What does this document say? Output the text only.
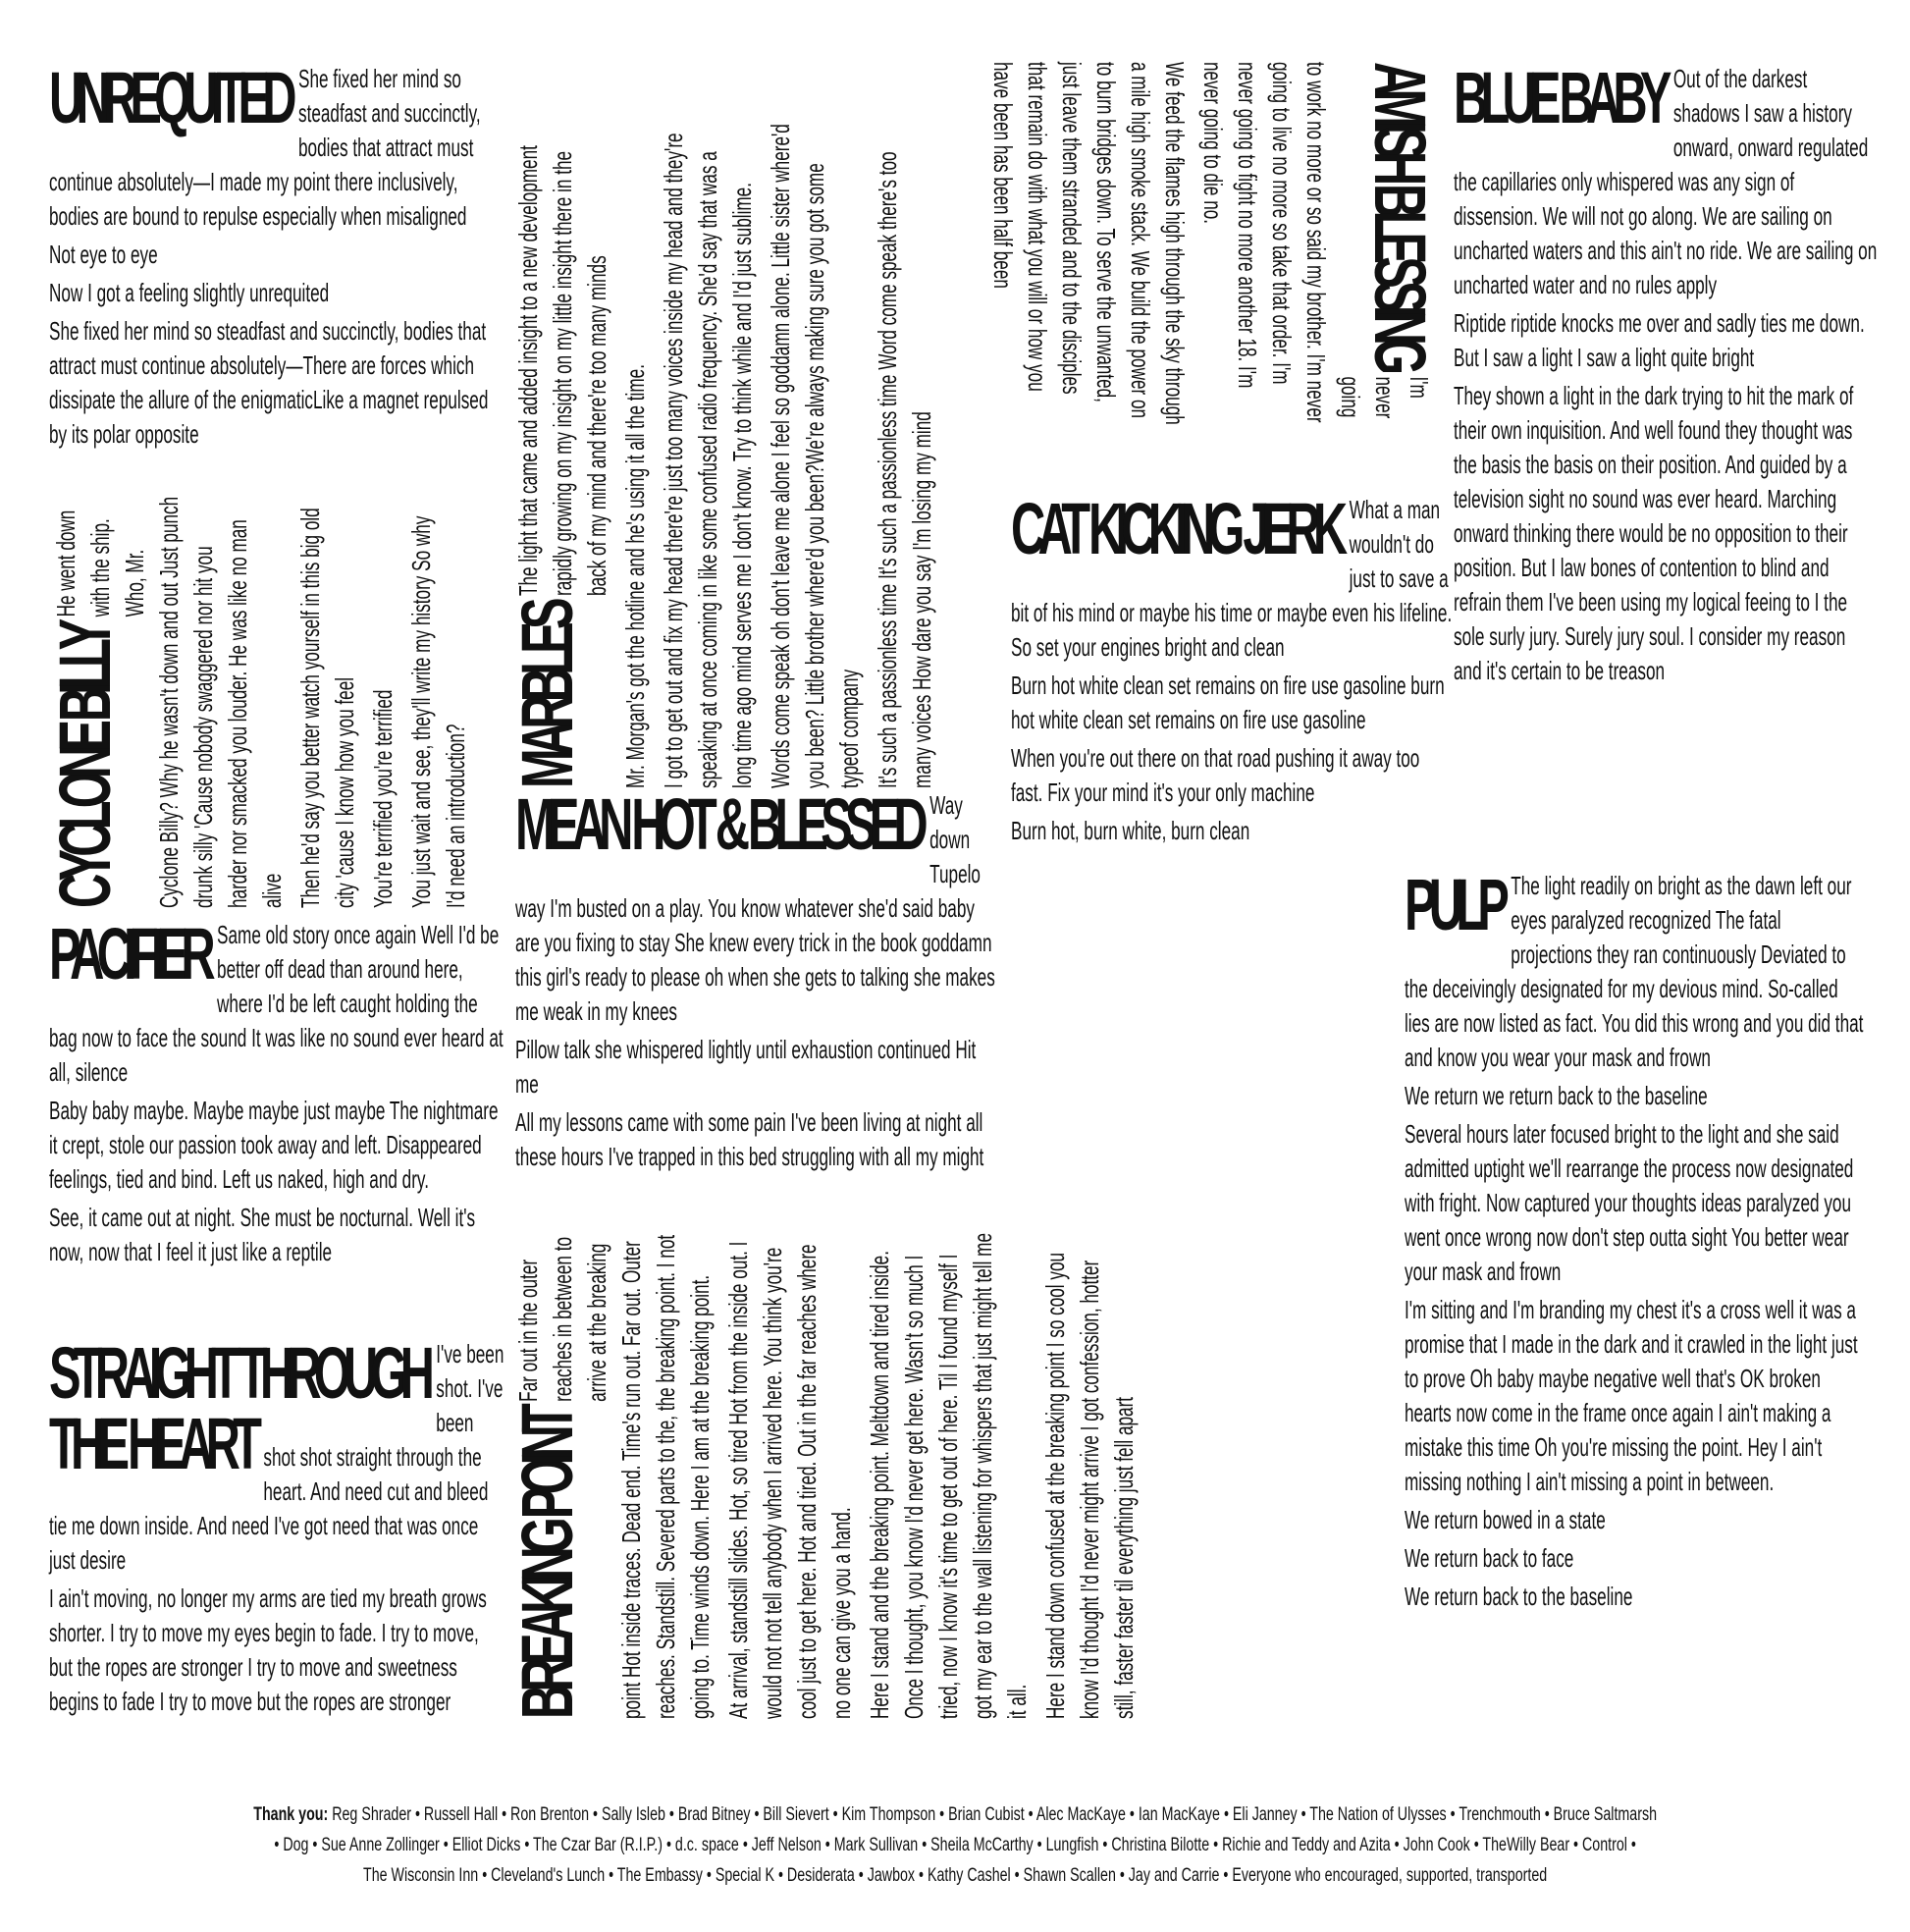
UNREQUITED She fixed her mind so steadfast and succinctly, bodies that attract must continue absolutely—I made my point there inclusively, bodies are bound to repulse especially when misaligned

Not eye to eye

Now I got a feeling slightly unrequited

She fixed her mind so steadfast and succinctly, bodies that attract must continue absolutely—There are forces which dissipate the allure of the enigmaticLike a magnet repulsed by its polar opposite

CYCLONE BILLY

He went down with the ship. Who, Mr. Cyclone Billy? Why he wasn't down and out Just punch drunk silly 'Cause nobody swaggered nor hit you harder nor smacked you louder. He was like no man alive Then he'd say you better watch yourself in this big old city 'cause I know how you feel You're terrified you're terrified You just wait and see, they'll write my history So why I'd need an introduction?

PACIFIER Same old story once again Well I'd be better off dead than around here, where I'd be left caught holding the bag now to face the sound It was like no sound ever heard at all, silence

Baby baby maybe. Maybe maybe just maybe The nightmare it crept, stole our passion took away and left. Disappeared feelings, tied and bind. Left us naked, high and dry.

See, it came out at night. She must be nocturnal. Well it's now, now that I feel it just like a reptile

STRAIGHT THROUGH
THE HEART

I've been shot. I've been shot shot straight through the heart. And need cut and bleed tie me down inside. And need I've got need that was once just desire

I ain't moving, no longer my arms are tied my breath grows shorter. I try to move my eyes begin to fade. I try to move, but the ropes are stronger I try to move and sweetness begins to fade I try to move but the ropes are stronger

MARBLES

The light that came and added insight to a new development rapidly growing on my insight on my little insight there in the back of my mind and there're too many minds Mr. Morgan's got the hotline and he's using it all the time. I got to get out and fix my head there're just too many voices inside my head and they're speaking at once coming in like some confused radio frequency. She'd say that was a long time ago mind serves me I don't know. Try to think while and I'd just sublime. Words come speak oh don't leave me alone I feel so goddamn alone. Little sister where'd you been? Little brother where'd you been?We're always making sure you got some typeof company It's such a passionless time It's such a passionless time Word come speak there's too many voices How dare you say I'm losing my mind

MEAN HOT & BLESSED Way down Tupelo way I'm busted on a play. You know whatever she'd said baby are you fixing to stay She knew every trick in the book goddamn this girl's ready to please oh when she gets to talking she makes me weak in my knees

Pillow talk she whispered lightly until exhaustion continued Hit me

All my lessons came with some pain I've been living at night all these hours I've trapped in this bed struggling with all my might

BREAKING POINT

Far out in the outer reaches in between to arrive at the breaking point Hot inside traces. Dead end. Time's run out. Far out. Outer reaches. Standstill. Severed parts to the, the breaking point. I not going to. Time winds down. Here I am at the breaking point. At arrival, standstill slides. Hot, so tired Hot from the inside out. I would not not tell anybody when I arrived here. You think you're cool just to get here. Hot and tired. Out in the far reaches where no one can give you a hand. Here I stand and the breaking point. Meltdown and tired inside. Once I thought, you know I'd never get here. Wasn't so much I tried, now I know it's time to get out of here. Til I found myself I got my ear to the wall listening for whispers that just might tell me it all. Here I stand down confused at the breaking point I so cool you know I'd thought I'd never might arrive I got confession, hotter still, faster faster til everything just fell apart

AMISH BLESSING

I'm never going to work no more or so said my brother. I'm never going to live no more so take that order. I'm never going to fight no more another 18. I'm never going to die no.

We feed the flames high through the sky through a mile high smoke stack. We build the power on to burn bridges down. To serve the unwanted, just leave them stranded and to the disciples that remain do with what you will or how you have been has been half been

CAT KICKING JERK What a man wouldn't do just to save a bit of his mind or maybe his time or maybe even his lifeline. So set your engines bright and clean

Burn hot white clean set remains on fire use gasoline burn hot white clean set remains on fire use gasoline

When you're out there on that road pushing it away too fast. Fix your mind it's your only machine

Burn hot, burn white, burn clean

BLUE BABY Out of the darkest shadows I saw a history onward, onward regulated the capillaries only whispered was any sign of dissension. We will not go along. We are sailing on uncharted waters and this ain't no ride. We are sailing on uncharted water and no rules apply

Riptide riptide knocks me over and sadly ties me down. But I saw a light I saw a light quite bright

They shown a light in the dark trying to hit the mark of their own inquisition. And well found they thought was the basis the basis on their position. And guided by a television sight no sound was ever heard. Marching onward thinking there would be no opposition to their position. But I law bones of contention to blind and refrain them I've been using my logical feeing to I the sole surly jury. Surely jury soul. I consider my reason and it's certain to be treason

PULP The light readily on bright as the dawn left our eyes paralyzed recognized The fatal projections they ran continuously Deviated to the deceivingly designated for my devious mind. So-called lies are now listed as fact. You did this wrong and you did that and know you wear your mask and frown

We return we return back to the baseline

Several hours later focused bright to the light and she said admitted uptight we'll rearrange the process now designated with fright. Now captured your thoughts ideas paralyzed you went once wrong now don't step outta sight You better wear your mask and frown

I'm sitting and I'm branding my chest it's a cross well it was a promise that I made in the dark and it crawled in the light just to prove Oh baby maybe negative well that's OK broken hearts now come in the frame once again I ain't making a mistake this time Oh you're missing the point. Hey I ain't missing nothing I ain't missing a point in between.

We return bowed in a state

We return back to face

We return back to the baseline

Thank you: Reg Shrader • Russell Hall • Ron Brenton • Sally Isleb • Brad Bitney • Bill Sievert • Kim Thompson • Brian Cubist • Alec MacKaye • Ian MacKaye • Eli Janney • The Nation of Ulysses • Trenchmouth • Bruce Saltmarsh
• Dog • Sue Anne Zollinger • Elliot Dicks • The Czar Bar (R.I.P.) • d.c. space • Jeff Nelson • Mark Sullivan • Sheila McCarthy • Lungfish • Christina Bilotte • Richie and Teddy and Azita • John Cook • TheWilly Bear • Control •
The Wisconsin Inn • Cleveland's Lunch • The Embassy • Special K • Desiderata • Jawbox • Kathy Cashel • Shawn Scallen • Jay and Carrie • Everyone who encouraged, supported, transported
